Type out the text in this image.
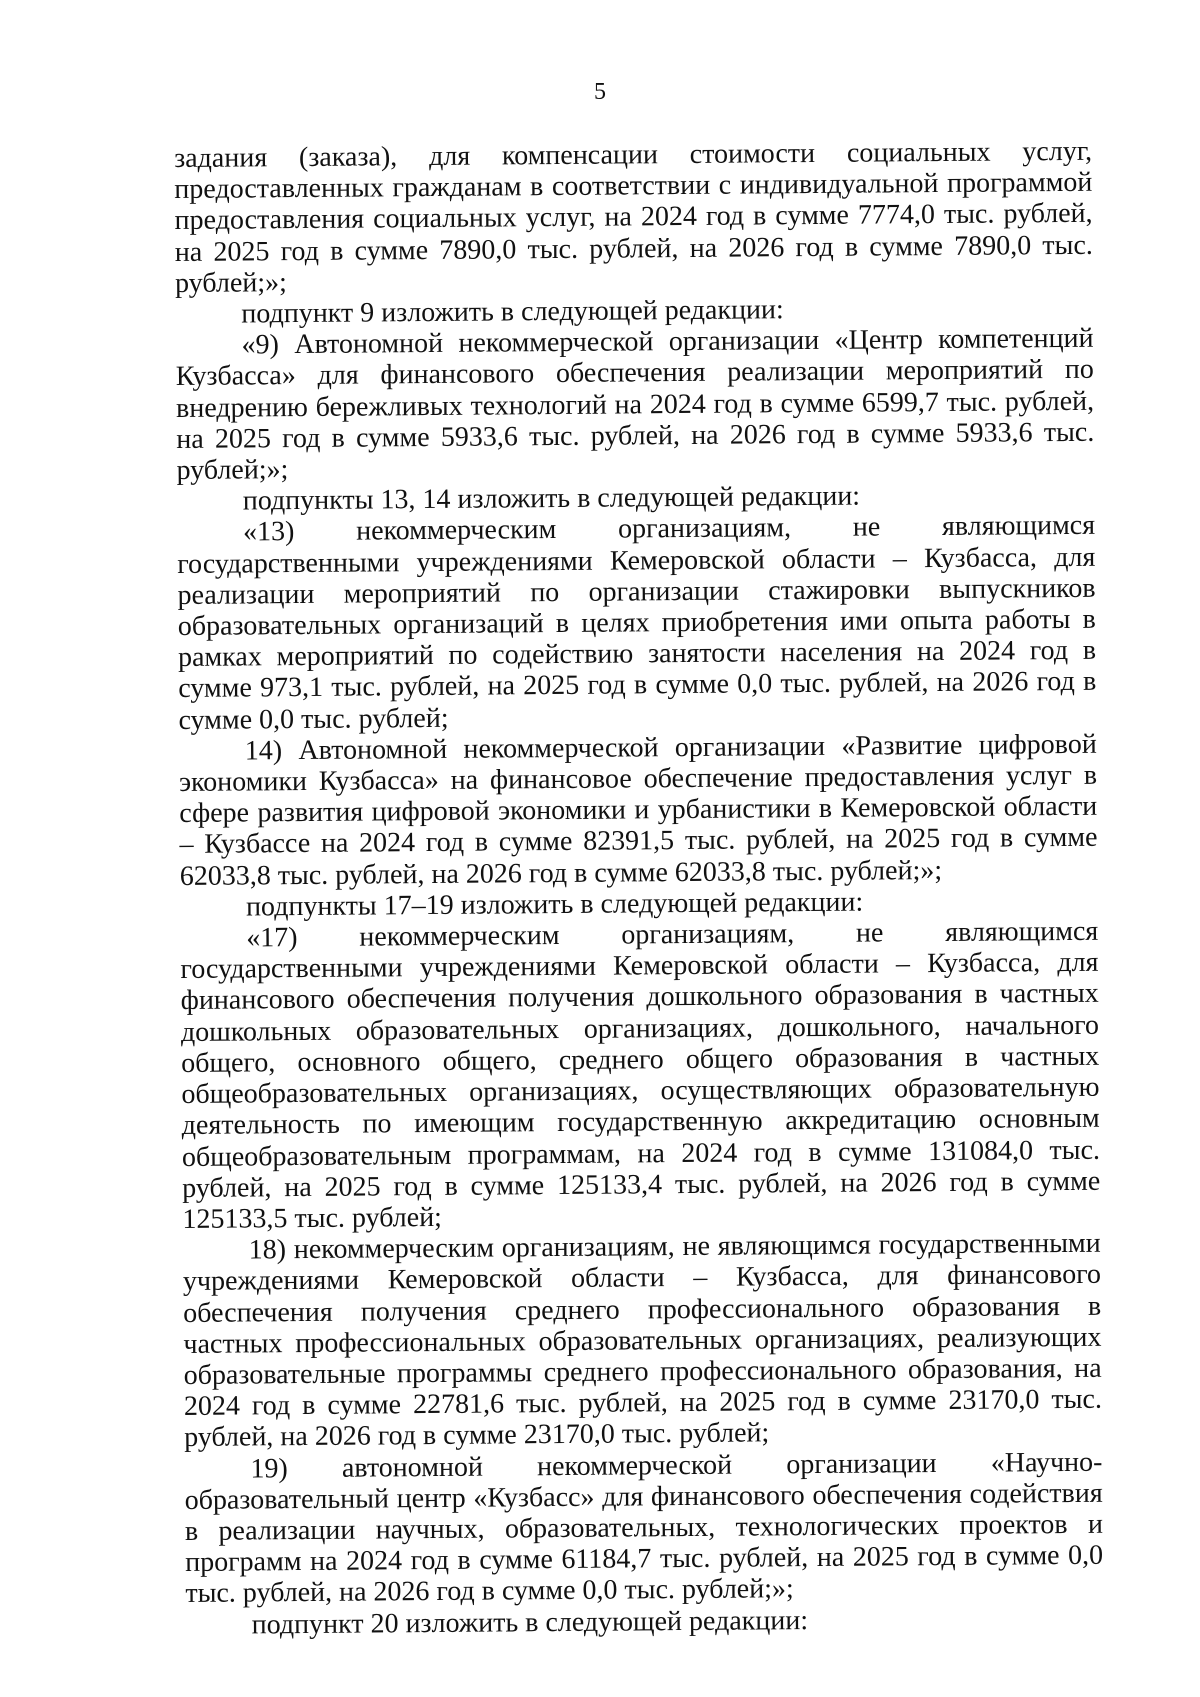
5

задания (заказа), для компенсации стоимости социальных услуг, предоставленных гражданам в соответствии с индивидуальной программой предоставления социальных услуг, на 2024 год в сумме 7774,0 тыс. рублей, на 2025 год в сумме 7890,0 тыс. рублей, на 2026 год в сумме 7890,0 тыс. рублей;»;

подпункт 9 изложить в следующей редакции:

«9) Автономной некоммерческой организации «Центр компетенций Кузбасса» для финансового обеспечения реализации мероприятий по внедрению бережливых технологий на 2024 год в сумме 6599,7 тыс. рублей, на 2025 год в сумме 5933,6 тыс. рублей, на 2026 год в сумме 5933,6 тыс. рублей;»;

подпункты 13, 14 изложить в следующей редакции:

«13) некоммерческим организациям, не являющимся государственными учреждениями Кемеровской области – Кузбасса, для реализации мероприятий по организации стажировки выпускников образовательных организаций в целях приобретения ими опыта работы в рамках мероприятий по содействию занятости населения на 2024 год в сумме 973,1 тыс. рублей, на 2025 год в сумме 0,0 тыс. рублей, на 2026 год в сумме 0,0 тыс. рублей;

14) Автономной некоммерческой организации «Развитие цифровой экономики Кузбасса» на финансовое обеспечение предоставления услуг в сфере развития цифровой экономики и урбанистики в Кемеровской области – Кузбассе на 2024 год в сумме 82391,5 тыс. рублей, на 2025 год в сумме 62033,8 тыс. рублей, на 2026 год в сумме 62033,8 тыс. рублей;»;

подпункты 17–19 изложить в следующей редакции:

«17) некоммерческим организациям, не являющимся государственными учреждениями Кемеровской области – Кузбасса, для финансового обеспечения получения дошкольного образования в частных дошкольных образовательных организациях, дошкольного, начального общего, основного общего, среднего общего образования в частных общеобразовательных организациях, осуществляющих образовательную деятельность по имеющим государственную аккредитацию основным общеобразовательным программам, на 2024 год в сумме 131084,0 тыс. рублей, на 2025 год в сумме 125133,4 тыс. рублей, на 2026 год в сумме 125133,5 тыс. рублей;

18) некоммерческим организациям, не являющимся государственными учреждениями Кемеровской области – Кузбасса, для финансового обеспечения получения среднего профессионального образования в частных профессиональных образовательных организациях, реализующих образовательные программы среднего профессионального образования, на 2024 год в сумме 22781,6 тыс. рублей, на 2025 год в сумме 23170,0 тыс. рублей, на 2026 год в сумме 23170,0 тыс. рублей;

19) автономной некоммерческой организации «Научно-образовательный центр «Кузбасс» для финансового обеспечения содействия в реализации научных, образовательных, технологических проектов и программ на 2024 год в сумме 61184,7 тыс. рублей, на 2025 год в сумме 0,0 тыс. рублей, на 2026 год в сумме 0,0 тыс. рублей;»;

подпункт 20 изложить в следующей редакции:
